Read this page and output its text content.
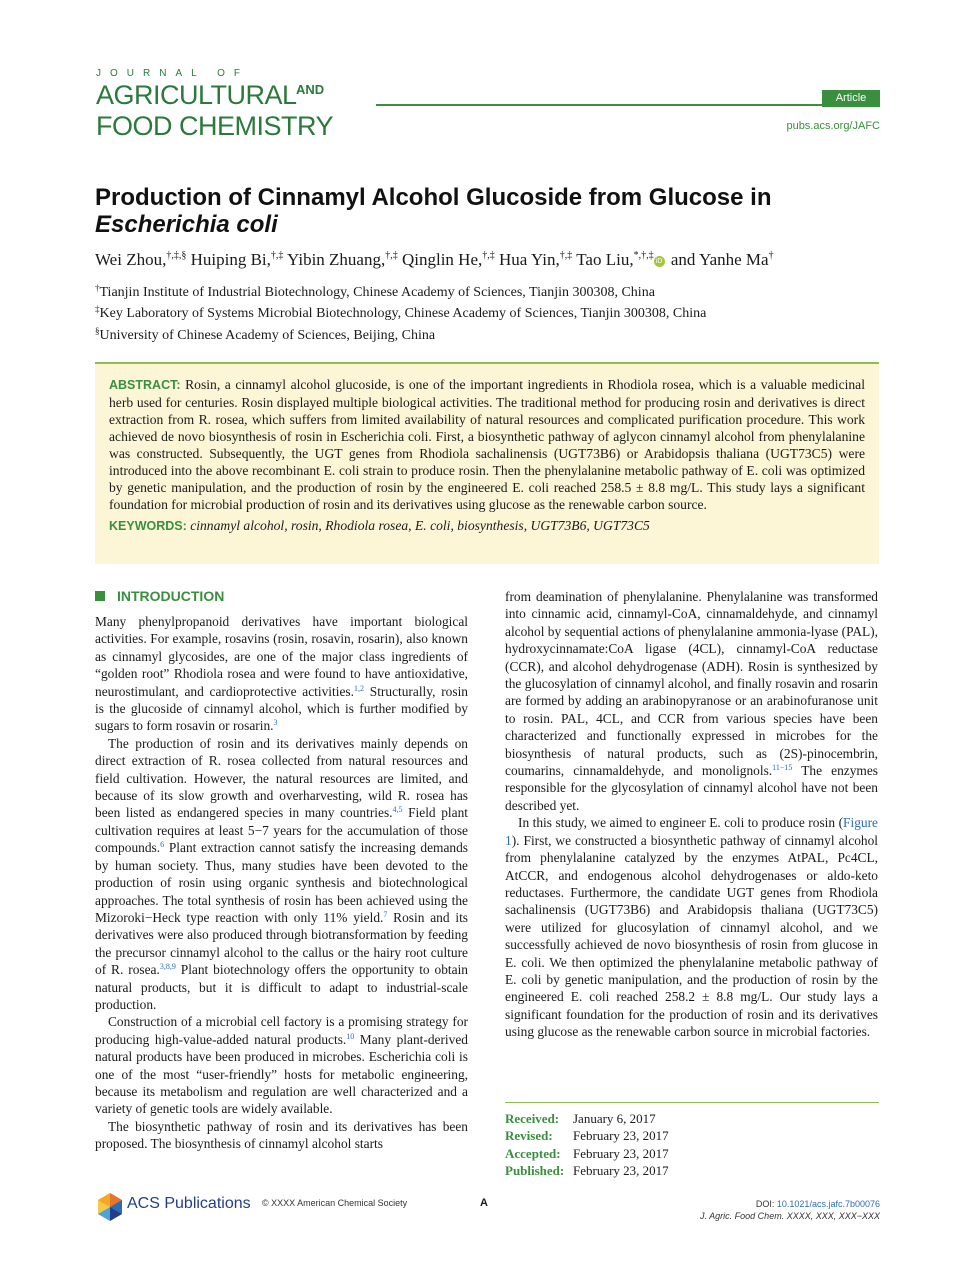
JOURNAL OF
AGRICULTURAL AND
FOOD CHEMISTRY
Article
pubs.acs.org/JAFC
Production of Cinnamyl Alcohol Glucoside from Glucose in
Escherichia coli
Wei Zhou,†,‡,§ Huiping Bi,†,‡ Yibin Zhuang,†,‡ Qinglin He,†,‡ Hua Yin,†,‡ Tao Liu,*,†,‡iD and Yanhe Ma†
†Tianjin Institute of Industrial Biotechnology, Chinese Academy of Sciences, Tianjin 300308, China
‡Key Laboratory of Systems Microbial Biotechnology, Chinese Academy of Sciences, Tianjin 300308, China
§University of Chinese Academy of Sciences, Beijing, China
ABSTRACT: Rosin, a cinnamyl alcohol glucoside, is one of the important ingredients in Rhodiola rosea, which is a valuable medicinal herb used for centuries. Rosin displayed multiple biological activities. The traditional method for producing rosin and derivatives is direct extraction from R. rosea, which suffers from limited availability of natural resources and complicated purification procedure. This work achieved de novo biosynthesis of rosin in Escherichia coli. First, a biosynthetic pathway of aglycon cinnamyl alcohol from phenylalanine was constructed. Subsequently, the UGT genes from Rhodiola sachalinensis (UGT73B6) or Arabidopsis thaliana (UGT73C5) were introduced into the above recombinant E. coli strain to produce rosin. Then the phenylalanine metabolic pathway of E. coli was optimized by genetic manipulation, and the production of rosin by the engineered E. coli reached 258.5 ± 8.8 mg/L. This study lays a significant foundation for microbial production of rosin and its derivatives using glucose as the renewable carbon source.
KEYWORDS: cinnamyl alcohol, rosin, Rhodiola rosea, E. coli, biosynthesis, UGT73B6, UGT73C5
INTRODUCTION

Many phenylpropanoid derivatives have important biological activities. For example, rosavins (rosin, rosavin, rosarin), also known as cinnamyl glycosides, are one of the major class ingredients of “golden root” Rhodiola rosea and were found to have antioxidative, neurostimulant, and cardioprotective activities.$^{1,2}$ Structurally, rosin is the glucoside of cinnamyl alcohol, which is further modified by sugars to form rosavin or rosarin.$^3$

The production of rosin and its derivatives mainly depends on direct extraction of R. rosea collected from natural resources and field cultivation. However, the natural resources are limited, and because of its slow growth and overharvesting, wild R. rosea has been listed as endangered species in many countries.$^{4,5}$ Field plant cultivation requires at least 5−7 years for the accumulation of those compounds.$^6$ Plant extraction cannot satisfy the increasing demands by human society. Thus, many studies have been devoted to the production of rosin using organic synthesis and biotechnological approaches. The total synthesis of rosin has been achieved using the Mizoroki−Heck type reaction with only 11% yield.$^7$ Rosin and its derivatives were also produced through biotransformation by feeding the precursor cinnamyl alcohol to the callus or the hairy root culture of R. rosea.$^{3,8,9}$ Plant biotechnology offers the opportunity to obtain natural products, but it is difficult to adapt to industrial-scale production.

Construction of a microbial cell factory is a promising strategy for producing high-value-added natural products.$^{10}$ Many plant-derived natural products have been produced in microbes. Escherichia coli is one of the most “user-friendly” hosts for metabolic engineering, because its metabolism and regulation are well characterized and a variety of genetic tools are widely available.

The biosynthetic pathway of rosin and its derivatives has been proposed. The biosynthesis of cinnamyl alcohol starts

from deamination of phenylalanine. Phenylalanine was transformed into cinnamic acid, cinnamyl-CoA, cinnamaldehyde, and cinnamyl alcohol by sequential actions of phenylalanine ammonia-lyase (PAL), hydroxycinnamate:CoA ligase (4CL), cinnamyl-CoA reductase (CCR), and alcohol dehydrogenase (ADH). Rosin is synthesized by the glucosylation of cinnamyl alcohol, and finally rosavin and rosarin are formed by adding an arabinopyranose or an arabinofuranose unit to rosin. PAL, 4CL, and CCR from various species have been characterized and functionally expressed in microbes for the biosynthesis of natural products, such as (2S)-pinocembrin, coumarins, cinnamaldehyde, and monolignols.$^{11-15}$ The enzymes responsible for the glycosylation of cinnamyl alcohol have not been described yet.

In this study, we aimed to engineer E. coli to produce rosin (Figure 1). First, we constructed a biosynthetic pathway of cinnamyl alcohol from phenylalanine catalyzed by the enzymes AtPAL, Pc4CL, AtCCR, and endogenous alcohol dehydrogenases or aldo-keto reductases. Furthermore, the candidate UGT genes from Rhodiola sachalinensis (UGT73B6) and Arabidopsis thaliana (UGT73C5) were utilized for glucosylation of cinnamyl alcohol, and we successfully achieved de novo biosynthesis of rosin from glucose in E. coli. We then optimized the phenylalanine metabolic pathway of E. coli by genetic manipulation, and the production of rosin by the engineered E. coli reached 258.2 ± 8.8 mg/L. Our study lays a significant foundation for the production of rosin and its derivatives using glucose as the renewable carbon source in microbial factories.

Received: January 6, 2017
Revised: February 23, 2017
Accepted: February 23, 2017
Published: February 23, 2017
ACS Publications © XXXX American Chemical Society	A	DOI: 10.1021/acs.jafc.7b00076
J. Agric. Food Chem. XXXX, XXX, XXX−XXX
